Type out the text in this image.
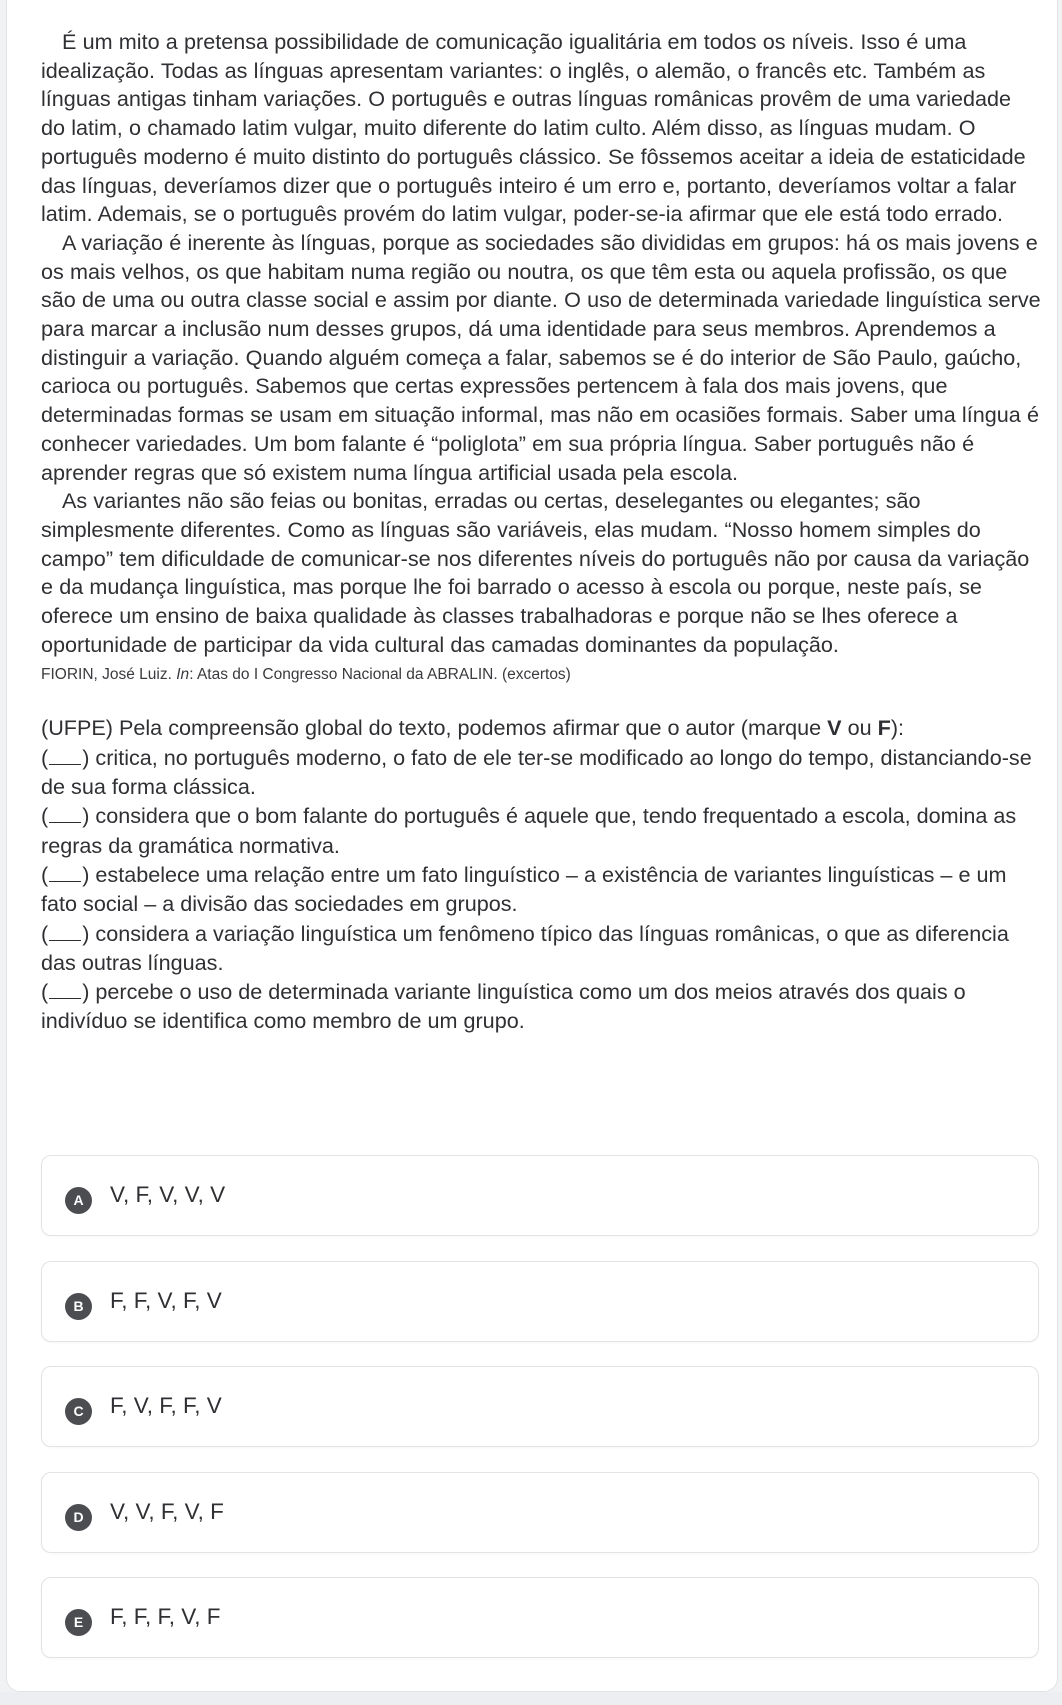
É um mito a pretensa possibilidade de comunicação igualitária em todos os níveis. Isso é uma idealização. Todas as línguas apresentam variantes: o inglês, o alemão, o francês etc. Também as línguas antigas tinham variações. O português e outras línguas românicas provêm de uma variedade do latim, o chamado latim vulgar, muito diferente do latim culto. Além disso, as línguas mudam. O português moderno é muito distinto do português clássico. Se fôssemos aceitar a ideia de estaticidade das línguas, deveríamos dizer que o português inteiro é um erro e, portanto, deveríamos voltar a falar latim. Ademais, se o português provém do latim vulgar, poder-se-ia afirmar que ele está todo errado.

A variação é inerente às línguas, porque as sociedades são divididas em grupos: há os mais jovens e os mais velhos, os que habitam numa região ou noutra, os que têm esta ou aquela profissão, os que são de uma ou outra classe social e assim por diante. O uso de determinada variedade linguística serve para marcar a inclusão num desses grupos, dá uma identidade para seus membros. Aprendemos a distinguir a variação. Quando alguém começa a falar, sabemos se é do interior de São Paulo, gaúcho, carioca ou português. Sabemos que certas expressões pertencem à fala dos mais jovens, que determinadas formas se usam em situação informal, mas não em ocasiões formais. Saber uma língua é conhecer variedades. Um bom falante é “poliglota” em sua própria língua. Saber português não é aprender regras que só existem numa língua artificial usada pela escola.

As variantes não são feias ou bonitas, erradas ou certas, deselegantes ou elegantes; são simplesmente diferentes. Como as línguas são variáveis, elas mudam. “Nosso homem simples do campo” tem dificuldade de comunicar-se nos diferentes níveis do português não por causa da variação e da mudança linguística, mas porque lhe foi barrado o acesso à escola ou porque, neste país, se oferece um ensino de baixa qualidade às classes trabalhadoras e porque não se lhes oferece a oportunidade de participar da vida cultural das camadas dominantes da população.

FIORIN, José Luiz. In: Atas do I Congresso Nacional da ABRALIN. (excertos)

(UFPE) Pela compreensão global do texto, podemos afirmar que o autor (marque V ou F):

( ) critica, no português moderno, o fato de ele ter-se modificado ao longo do tempo, distanciando-se de sua forma clássica.

( ) considera que o bom falante do português é aquele que, tendo frequentado a escola, domina as regras da gramática normativa.

( ) estabelece uma relação entre um fato linguístico – a existência de variantes linguísticas – e um fato social – a divisão das sociedades em grupos.

( ) considera a variação linguística um fenômeno típico das línguas românicas, o que as diferencia das outras línguas.

( ) percebe o uso de determinada variante linguística como um dos meios através dos quais o indivíduo se identifica como membro de um grupo.

A	V, F, V, V, V
B	F, F, V, F, V
C	F, V, F, F, V
D	V, V, F, V, F
E	F, F, F, V, F
